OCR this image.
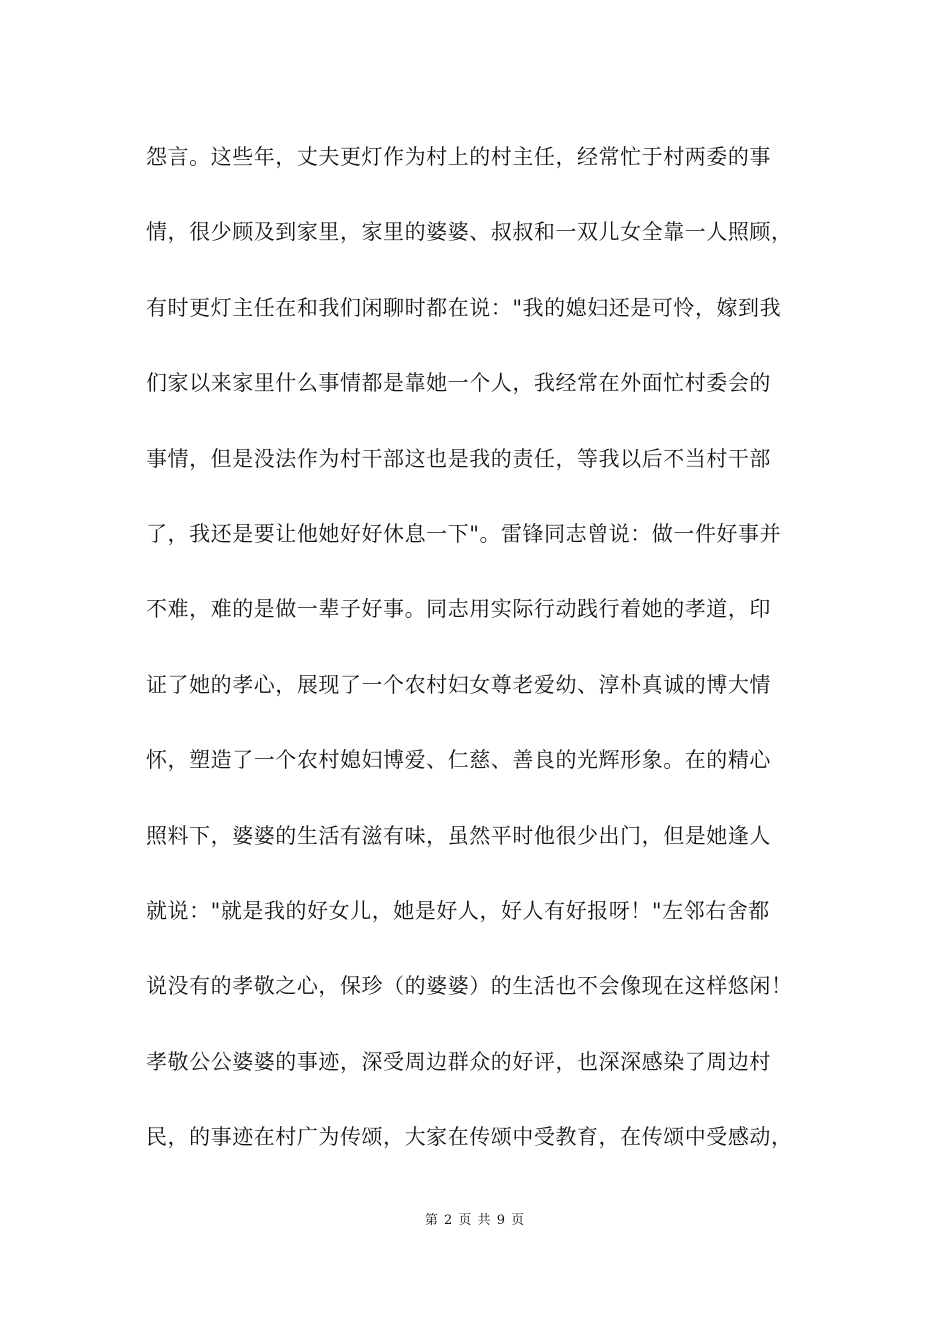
怨言。这些年，丈夫更灯作为村上的村主任，经常忙于村两委的事
情，很少顾及到家里，家里的婆婆、叔叔和一双儿女全靠一人照顾，
有时更灯主任在和我们闲聊时都在说："我的媳妇还是可怜，嫁到我
们家以来家里什么事情都是靠她一个人，我经常在外面忙村委会的
事情，但是没法作为村干部这也是我的责任，等我以后不当村干部
了，我还是要让他她好好休息一下"。雷锋同志曾说：做一件好事并
不难，难的是做一辈子好事。同志用实际行动践行着她的孝道，印
证了她的孝心，展现了一个农村妇女尊老爱幼、淳朴真诚的博大情
怀，塑造了一个农村媳妇博爱、仁慈、善良的光辉形象。在的精心
照料下，婆婆的生活有滋有味，虽然平时他很少出门，但是她逢人
就说："就是我的好女儿，她是好人，好人有好报呀！"左邻右舍都
说没有的孝敬之心，保珍（的婆婆）的生活也不会像现在这样悠闲！
孝敬公公婆婆的事迹，深受周边群众的好评，也深深感染了周边村
民，的事迹在村广为传颂，大家在传颂中受教育，在传颂中受感动，
第 2 页 共 9 页
